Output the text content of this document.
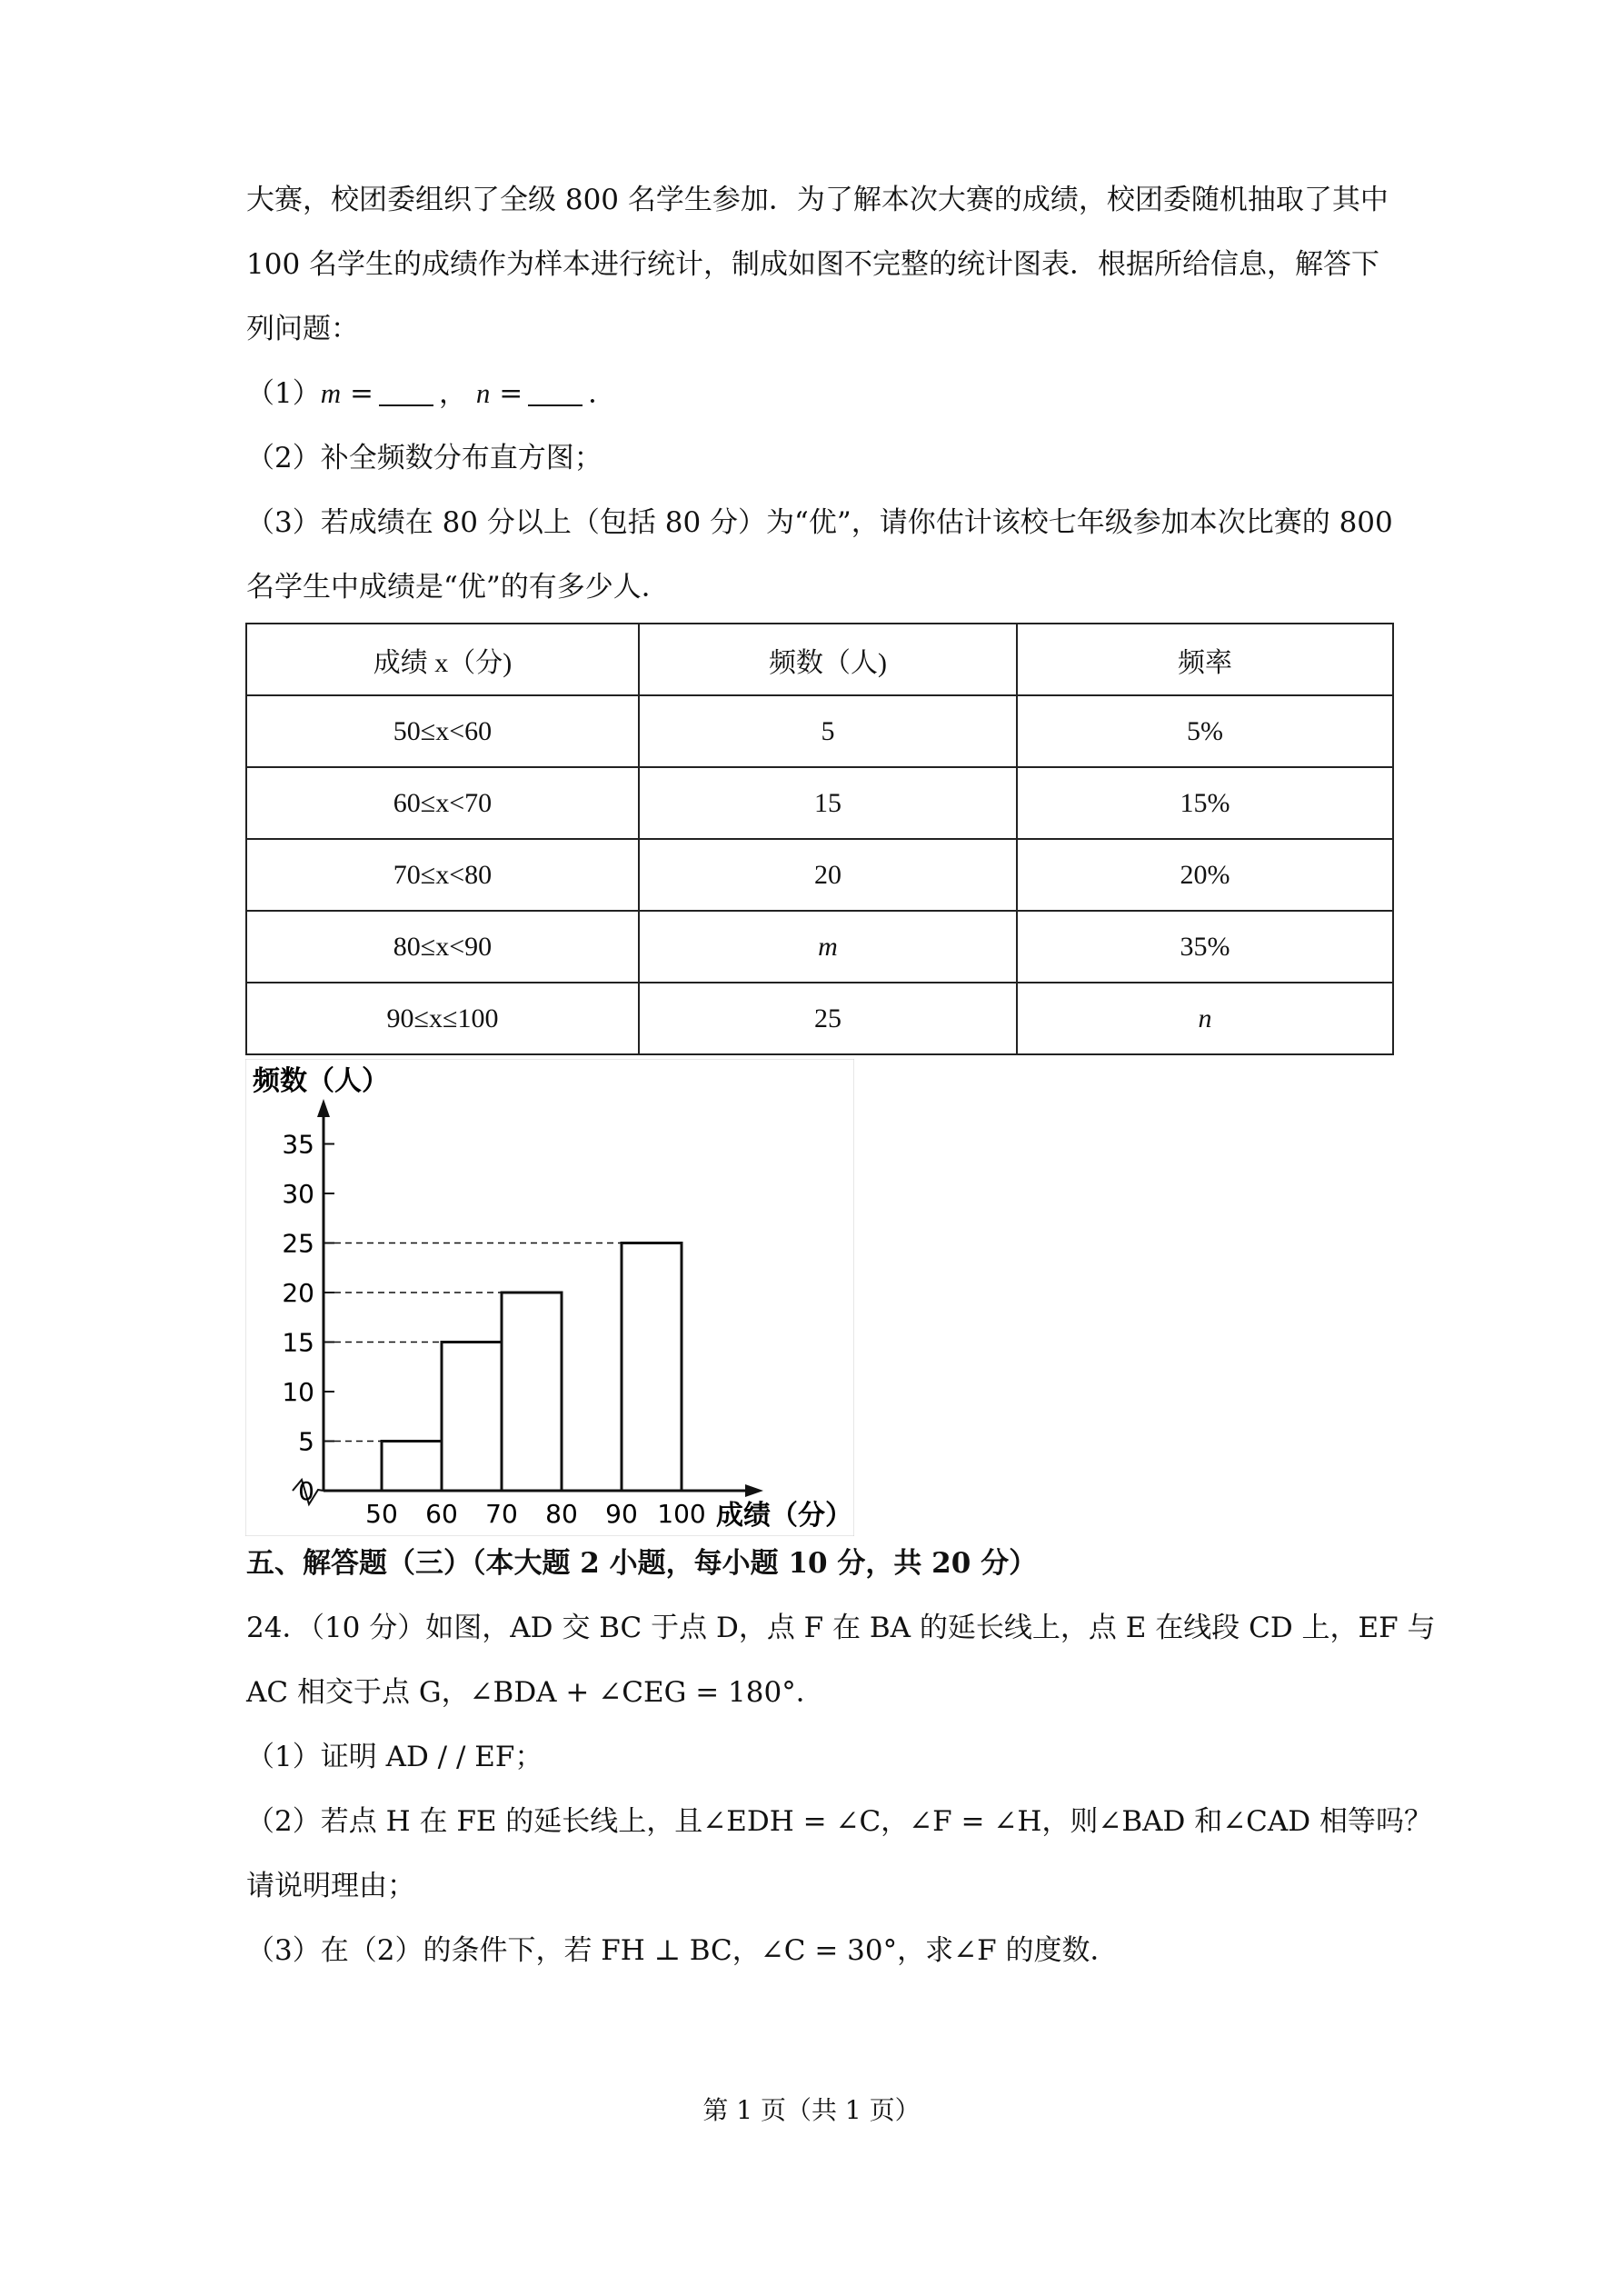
大赛，校团委组织了全级 800 名学生参加．为了解本次大赛的成绩，校团委随机抽取了其中
100 名学生的成绩作为样本进行统计，制成如图不完整的统计图表．根据所给信息，解答下
列问题：
（1）m = ， n = ．
（2）补全频数分布直方图；
（3）若成绩在 80 分以上（包括 80 分）为“优”，请你估计该校七年级参加本次比赛的 800
名学生中成绩是“优”的有多少人．
成绩 x（分)	频数（人)	频率
50≤x<60	5	5%
60≤x<70	15	15%
70≤x<80	20	20%
80≤x<90	m	35%
90≤x≤100	25	n
0
5
10
15
20
25
30
35
50 60 70 80 90 100
频数（人）
成绩（分）
五、解答题（三）（本大题 2 小题，每小题 10 分，共 20 分）
24．（10 分）如图，AD 交 BC 于点 D，点 F 在 BA 的延长线上，点 E 在线段 CD 上，EF 与
AC 相交于点 G，∠BDA + ∠CEG = 180°．
（1）证明 AD / / EF；
（2）若点 H 在 FE 的延长线上，且∠EDH = ∠C，∠F = ∠H，则∠BAD 和∠CAD 相等吗？
请说明理由；
（3）在（2）的条件下，若 FH ⊥ BC，∠C = 30°，求∠F 的度数．
第 1 页（共 1 页）
